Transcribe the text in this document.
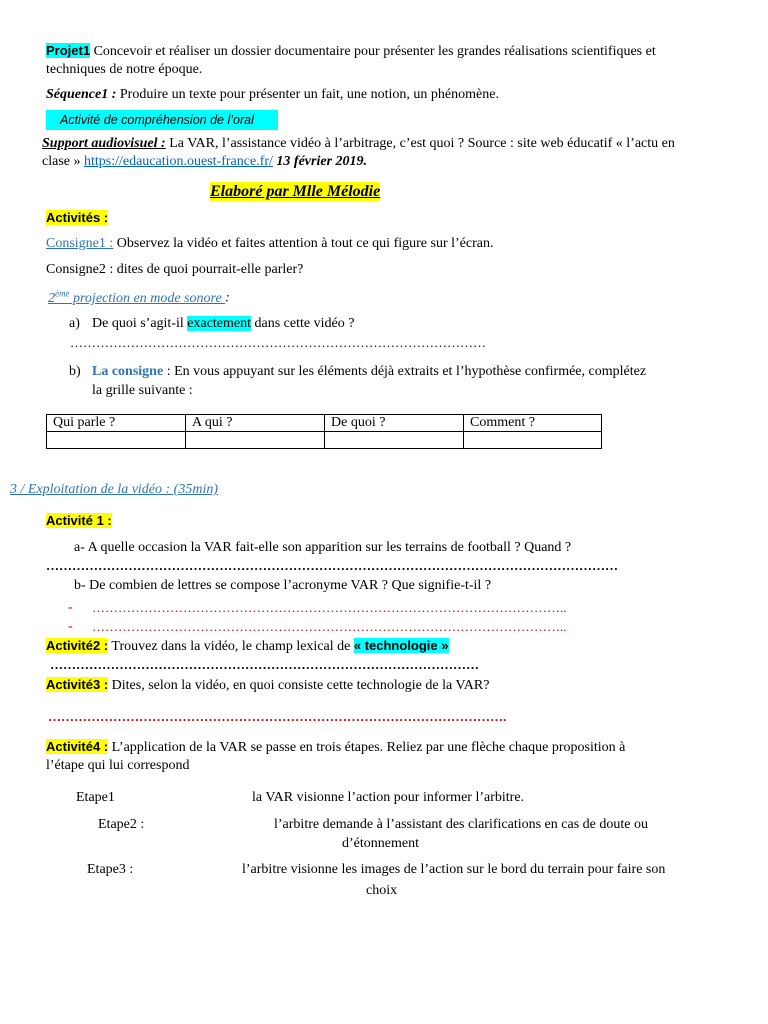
Projet1 Concevoir et réaliser un dossier documentaire pour présenter les grandes réalisations scientifiques et
techniques de notre époque.
Séquence1 : Produire un texte pour présenter un fait, une notion, un phénomène.
Activité de compréhension de l’oral
Support audiovisuel : La VAR, l’assistance vidéo à l’arbitrage, c’est quoi ? Source : site web éducatif « l’actu en
clase » https://edaucation.ouest-france.fr/ 13 février 2019.
Elaboré par Mlle Mélodie
Activités :
Consigne1 : Observez la vidéo et faites attention à tout ce qui figure sur l’écran.
Consigne2 : dites de quoi pourrait-elle parler?
2ème projection en mode sonore :
a) De quoi s’agit-il exactement dans cette vidéo ?
……………………………………………………………………………………
b) La consigne : En vous appuyant sur les éléments déjà extraits et l’hypothèse confirmée, complétez
la grille suivante :
Qui parle ?	A qui ?	De quoi ?	Comment ?

3 / Exploitation de la vidéo : (35min)
Activité 1 :
a- A quelle occasion la VAR fait-elle son apparition sur les terrains de football ? Quand ?
……………………………………………………………………………………………………………………
b- De combien de lettres se compose l’acronyme VAR ? Que signifie-t-il ?
- ………………………………………………………………………………………………..
- ………………………………………………………………………………………………..
Activité2 : Trouvez dans la vidéo, le champ lexical de « technologie »
………………………………………………………………………………………
Activité3 : Dites, selon la vidéo, en quoi consiste cette technologie de la VAR?
…………………………………………………………………………………………….
Activité4 : L’application de la VAR se passe en trois étapes. Reliez par une flèche chaque proposition à
l’étape qui lui correspond
Etape1	la VAR visionne l’action pour informer l’arbitre.
Etape2 :	l’arbitre demande à l’assistant des clarifications en cas de doute ou
d’étonnement
Etape3 :	l’arbitre visionne les images de l’action sur le bord du terrain pour faire son
choix
